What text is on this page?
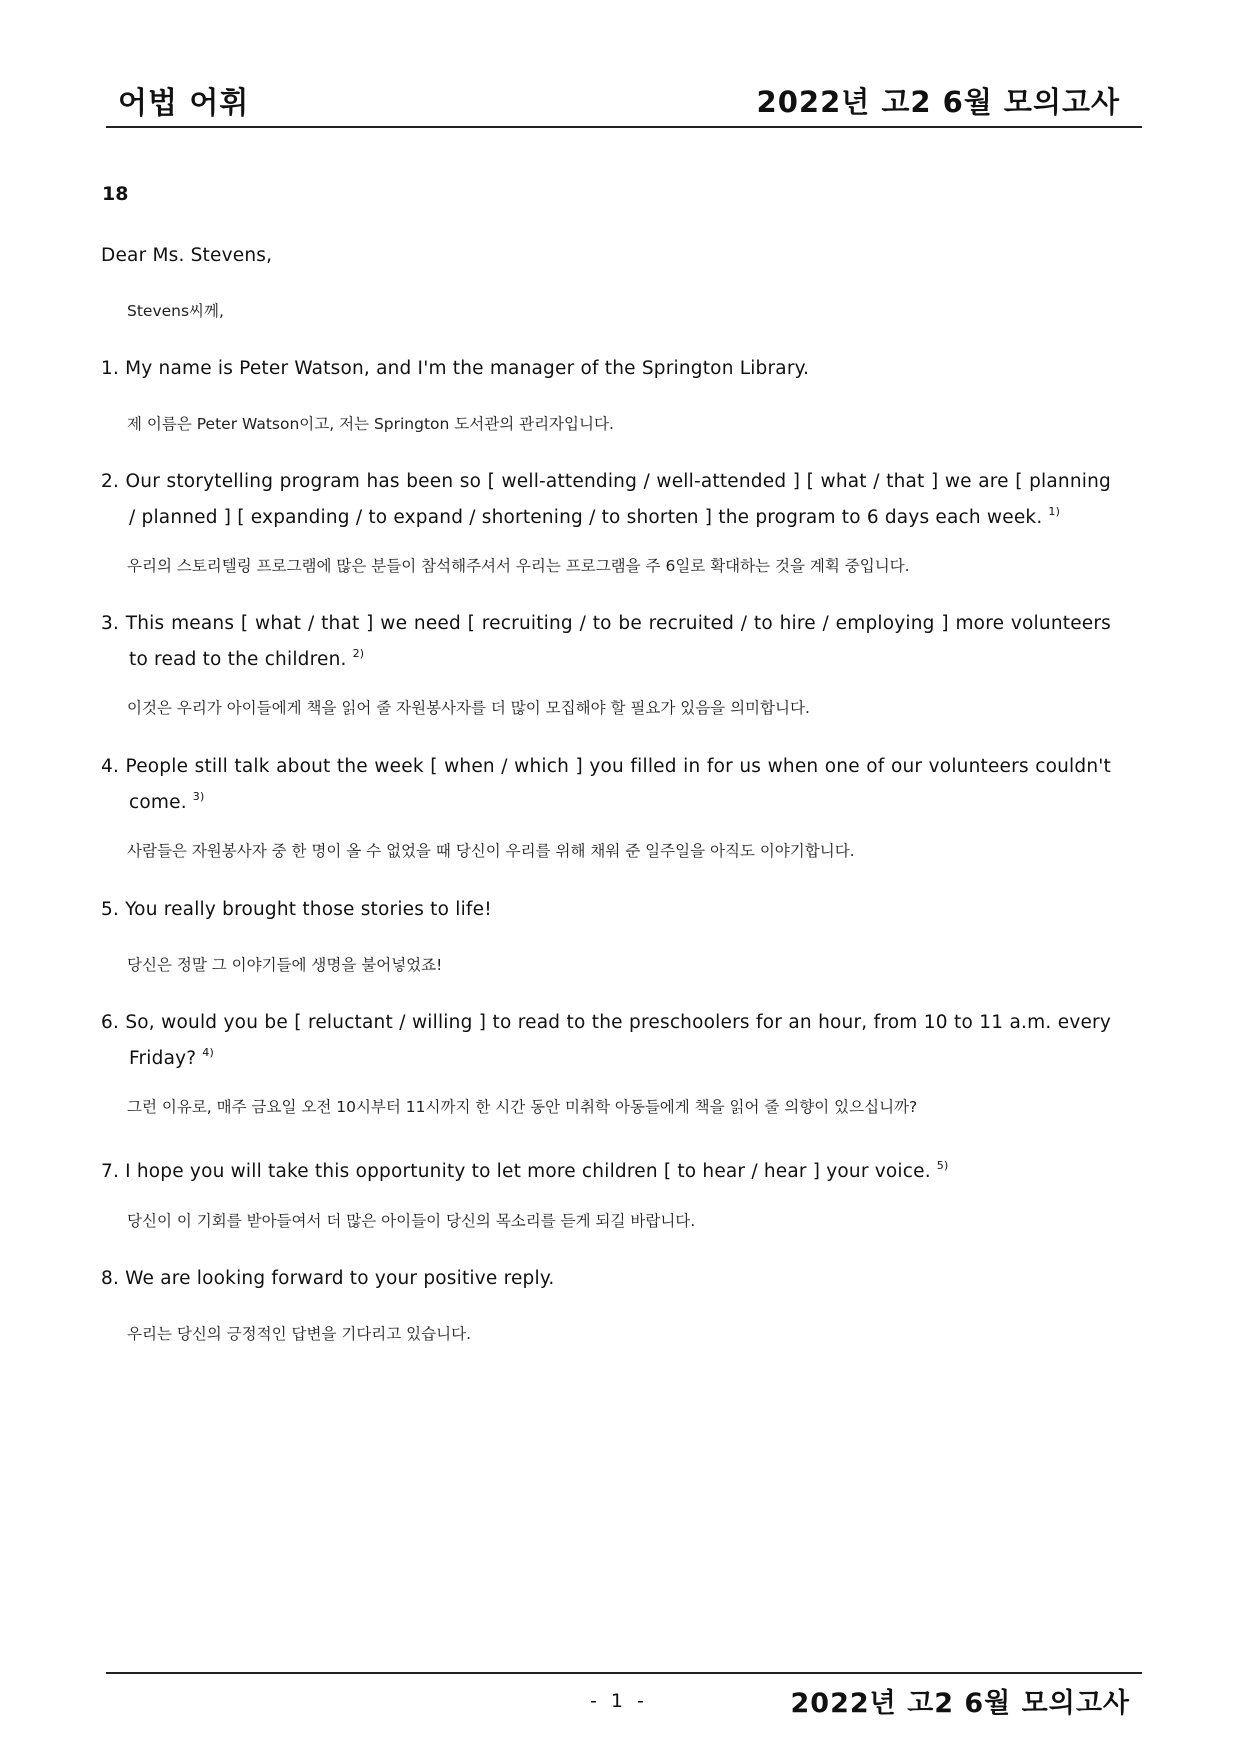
어법 어휘	2022년 고2 6월 모의고사
18
Dear Ms. Stevens,
Stevens씨께,
1. My name is Peter Watson, and I'm the manager of the Springton Library.
제 이름은 Peter Watson이고, 저는 Springton 도서관의 관리자입니다.
2. Our storytelling program has been so [ well-attending / well-attended ] [ what / that ] we are [ planning / planned ] [ expanding / to expand / shortening / to shorten ] the program to 6 days each week. $^{1)}$
우리의 스토리텔링 프로그램에 많은 분들이 참석해주셔서 우리는 프로그램을 주 6일로 확대하는 것을 계획 중입니다.
3. This means [ what / that ] we need [ recruiting / to be recruited / to hire / employing ] more volunteers to read to the children. $^{2)}$
이것은 우리가 아이들에게 책을 읽어 줄 자원봉사자를 더 많이 모집해야 할 필요가 있음을 의미합니다.
4. People still talk about the week [ when / which ] you filled in for us when one of our volunteers couldn't come. $^{3)}$
사람들은 자원봉사자 중 한 명이 올 수 없었을 때 당신이 우리를 위해 채워 준 일주일을 아직도 이야기합니다.
5. You really brought those stories to life!
당신은 정말 그 이야기들에 생명을 불어넣었죠!
6. So, would you be [ reluctant / willing ] to read to the preschoolers for an hour, from 10 to 11 a.m. every Friday? $^{4)}$
그런 이유로, 매주 금요일 오전 10시부터 11시까지 한 시간 동안 미취학 아동들에게 책을 읽어 줄 의향이 있으십니까?
7. I hope you will take this opportunity to let more children [ to hear / hear ] your voice. $^{5)}$
당신이 이 기회를 받아들여서 더 많은 아이들이 당신의 목소리를 듣게 되길 바랍니다.
8. We are looking forward to your positive reply.
우리는 당신의 긍정적인 답변을 기다리고 있습니다.
- 1 -	2022년 고2 6월 모의고사
